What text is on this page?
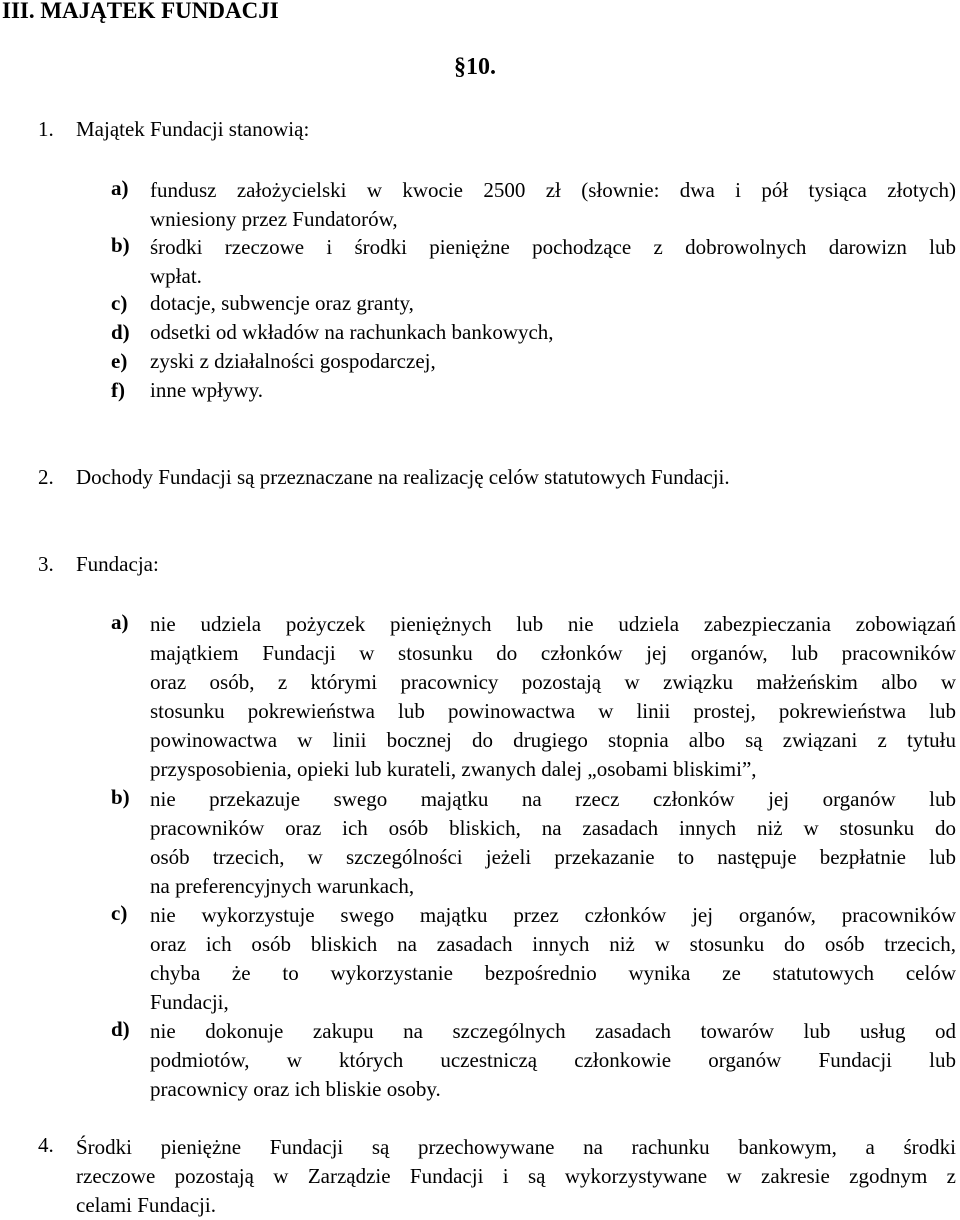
III. MAJĄTEK FUNDACJI
§10.
1. Majątek Fundacji stanowią:
a) fundusz założycielski w kwocie 2500 zł (słownie: dwa i pół tysiąca złotych)
wniesiony przez Fundatorów,
b) środki rzeczowe i środki pieniężne pochodzące z dobrowolnych darowizn lub
wpłat.
c) dotacje, subwencje oraz granty,
d) odsetki od wkładów na rachunkach bankowych,
e) zyski z działalności gospodarczej,
f) inne wpływy.
2. Dochody Fundacji są przeznaczane na realizację celów statutowych Fundacji.
3. Fundacja:
a) nie udziela pożyczek pieniężnych lub nie udziela zabezpieczania zobowiązań
majątkiem Fundacji w stosunku do członków jej organów, lub pracowników
oraz osób, z którymi pracownicy pozostają w związku małżeńskim albo w
stosunku pokrewieństwa lub powinowactwa w linii prostej, pokrewieństwa lub
powinowactwa w linii bocznej do drugiego stopnia albo są związani z tytułu
przysposobienia, opieki lub kurateli, zwanych dalej „osobami bliskimi”,
b) nie przekazuje swego majątku na rzecz członków jej organów lub
pracowników oraz ich osób bliskich, na zasadach innych niż w stosunku do
osób trzecich, w szczególności jeżeli przekazanie to następuje bezpłatnie lub
na preferencyjnych warunkach,
c) nie wykorzystuje swego majątku przez członków jej organów, pracowników
oraz ich osób bliskich na zasadach innych niż w stosunku do osób trzecich,
chyba że to wykorzystanie bezpośrednio wynika ze statutowych celów
Fundacji,
d) nie dokonuje zakupu na szczególnych zasadach towarów lub usług od
podmiotów, w których uczestniczą członkowie organów Fundacji lub
pracownicy oraz ich bliskie osoby.
4. Środki pieniężne Fundacji są przechowywane na rachunku bankowym, a środki
rzeczowe pozostają w Zarządzie Fundacji i są wykorzystywane w zakresie zgodnym z
celami Fundacji.
